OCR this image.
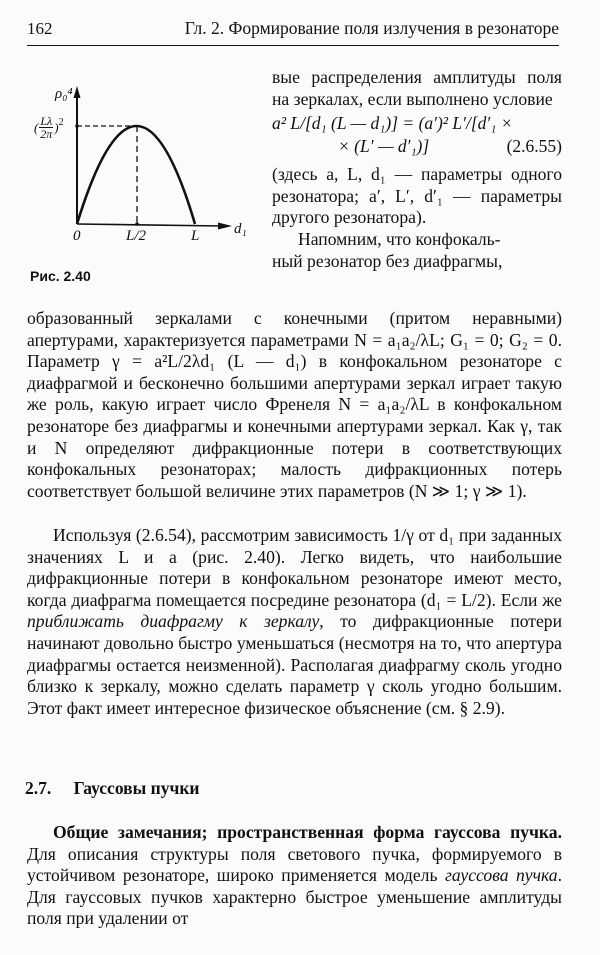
162	Гл. 2. Формирование поля излучения в резонаторе
ρ₀⁴
( $\frac{L\lambda}{2\pi} )^2$
0	L/2	L d₁
Рис. 2.40

вые распределения амплитуды поля на зеркалах, если выполнено условие

a² L/[d₁ (L — d₁)] = (a′)² L′/[d′₁ ×
× (L′ — d′₁)]	(2.6.55)

(здесь a, L, d₁ — параметры одного резонатора; a′, L′, d′₁ — параметры другого резонатора).

Напомним, что конфокаль-

ный резонатор без диафрагмы,

образованный зеркалами с конечными (притом неравными) апертурами, характеризуется параметрами N = a₁a₂/λL; G₁ = 0; G₂ = 0. Параметр γ = a²L/2λd₁ (L — d₁) в конфокальном резонаторе с диафрагмой и бесконечно большими апертурами зеркал играет такую же роль, какую играет число Френеля N = a₁a₂/λL в конфокальном резонаторе без диафрагмы и конечными апертурами зеркал. Как γ, так и N определяют дифракционные потери в соответствующих конфокальных резонаторах; малость дифракционных потерь соответствует большой величине этих параметров (N ≫ 1; γ ≫ 1).

Используя (2.6.54), рассмотрим зависимость 1/γ от d₁ при заданных значениях L и a (рис. 2.40). Легко видеть, что наибольшие дифракционные потери в конфокальном резонаторе имеют место, когда диафрагма помещается посредине резонатора (d₁ = L/2). Если же приближать диафрагму к зеркалу, то дифракционные потери начинают довольно быстро уменьшаться (несмотря на то, что апертура диафрагмы остается неизменной). Располагая диафрагму сколь угодно близко к зеркалу, можно сделать параметр γ сколь угодно большим. Этот факт имеет интересное физическое объяснение (см. § 2.9).

2.7. Гауссовы пучки

Общие замечания; пространственная форма гауссова пучка. Для описания структуры поля светового пучка, формируемого в устойчивом резонаторе, широко применяется модель гауссова пучка. Для гауссовых пучков характерно быстрое уменьшение амплитуды поля при удалении от
